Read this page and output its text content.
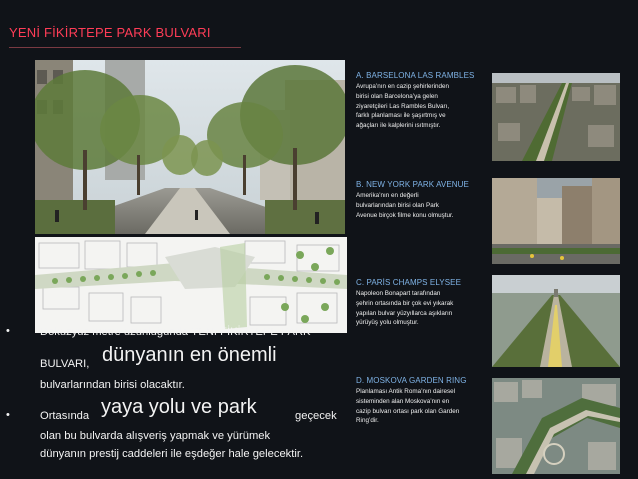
YENİ FİKİRTEPE PARK BULVARI
A. BARSELONA LAS RAMBLES

Avrupa’nın en cazip şehirlerinden
birisi olan Barcelona’ya gelen
ziyaretçileri Las Rambles Bulvarı,
farklı planlaması ile şaşırtmış ve
ağaçları ile kalplerini ısıtmıştır.

B. NEW YORK PARK AVENUE

Amerika’nın en değerli
bulvarlarından birisi olan Park
Avenue birçok filme konu olmuştur.

C. PARİS CHAMPS ELYSEE

Napoleon Bonapart tarafından
şehrin ortasında bir çok evi yıkarak
yapılan bulvar yüzyıllarca aşıkların
yürüyüş yolu olmuştur.

D. MOSKOVA GARDEN RING

Planlaması Antik Roma’nın dairesel
sisteminden alan Moskova’nın en
cazip bulvarı ortası park olan Garden
Ring’dir.

•	Dokuzyüz metre uzunluğunda YENİ FİKİRTEPE PARK
BULVARI, dünyanın en önemli
bulvarlarından birisi olacaktır.
•	Ortasında yaya yolu ve park	geçecek
olan bu bulvarda alışveriş yapmak ve yürümek
dünyanın prestij caddeleri ile eşdeğer hale gelecektir.
